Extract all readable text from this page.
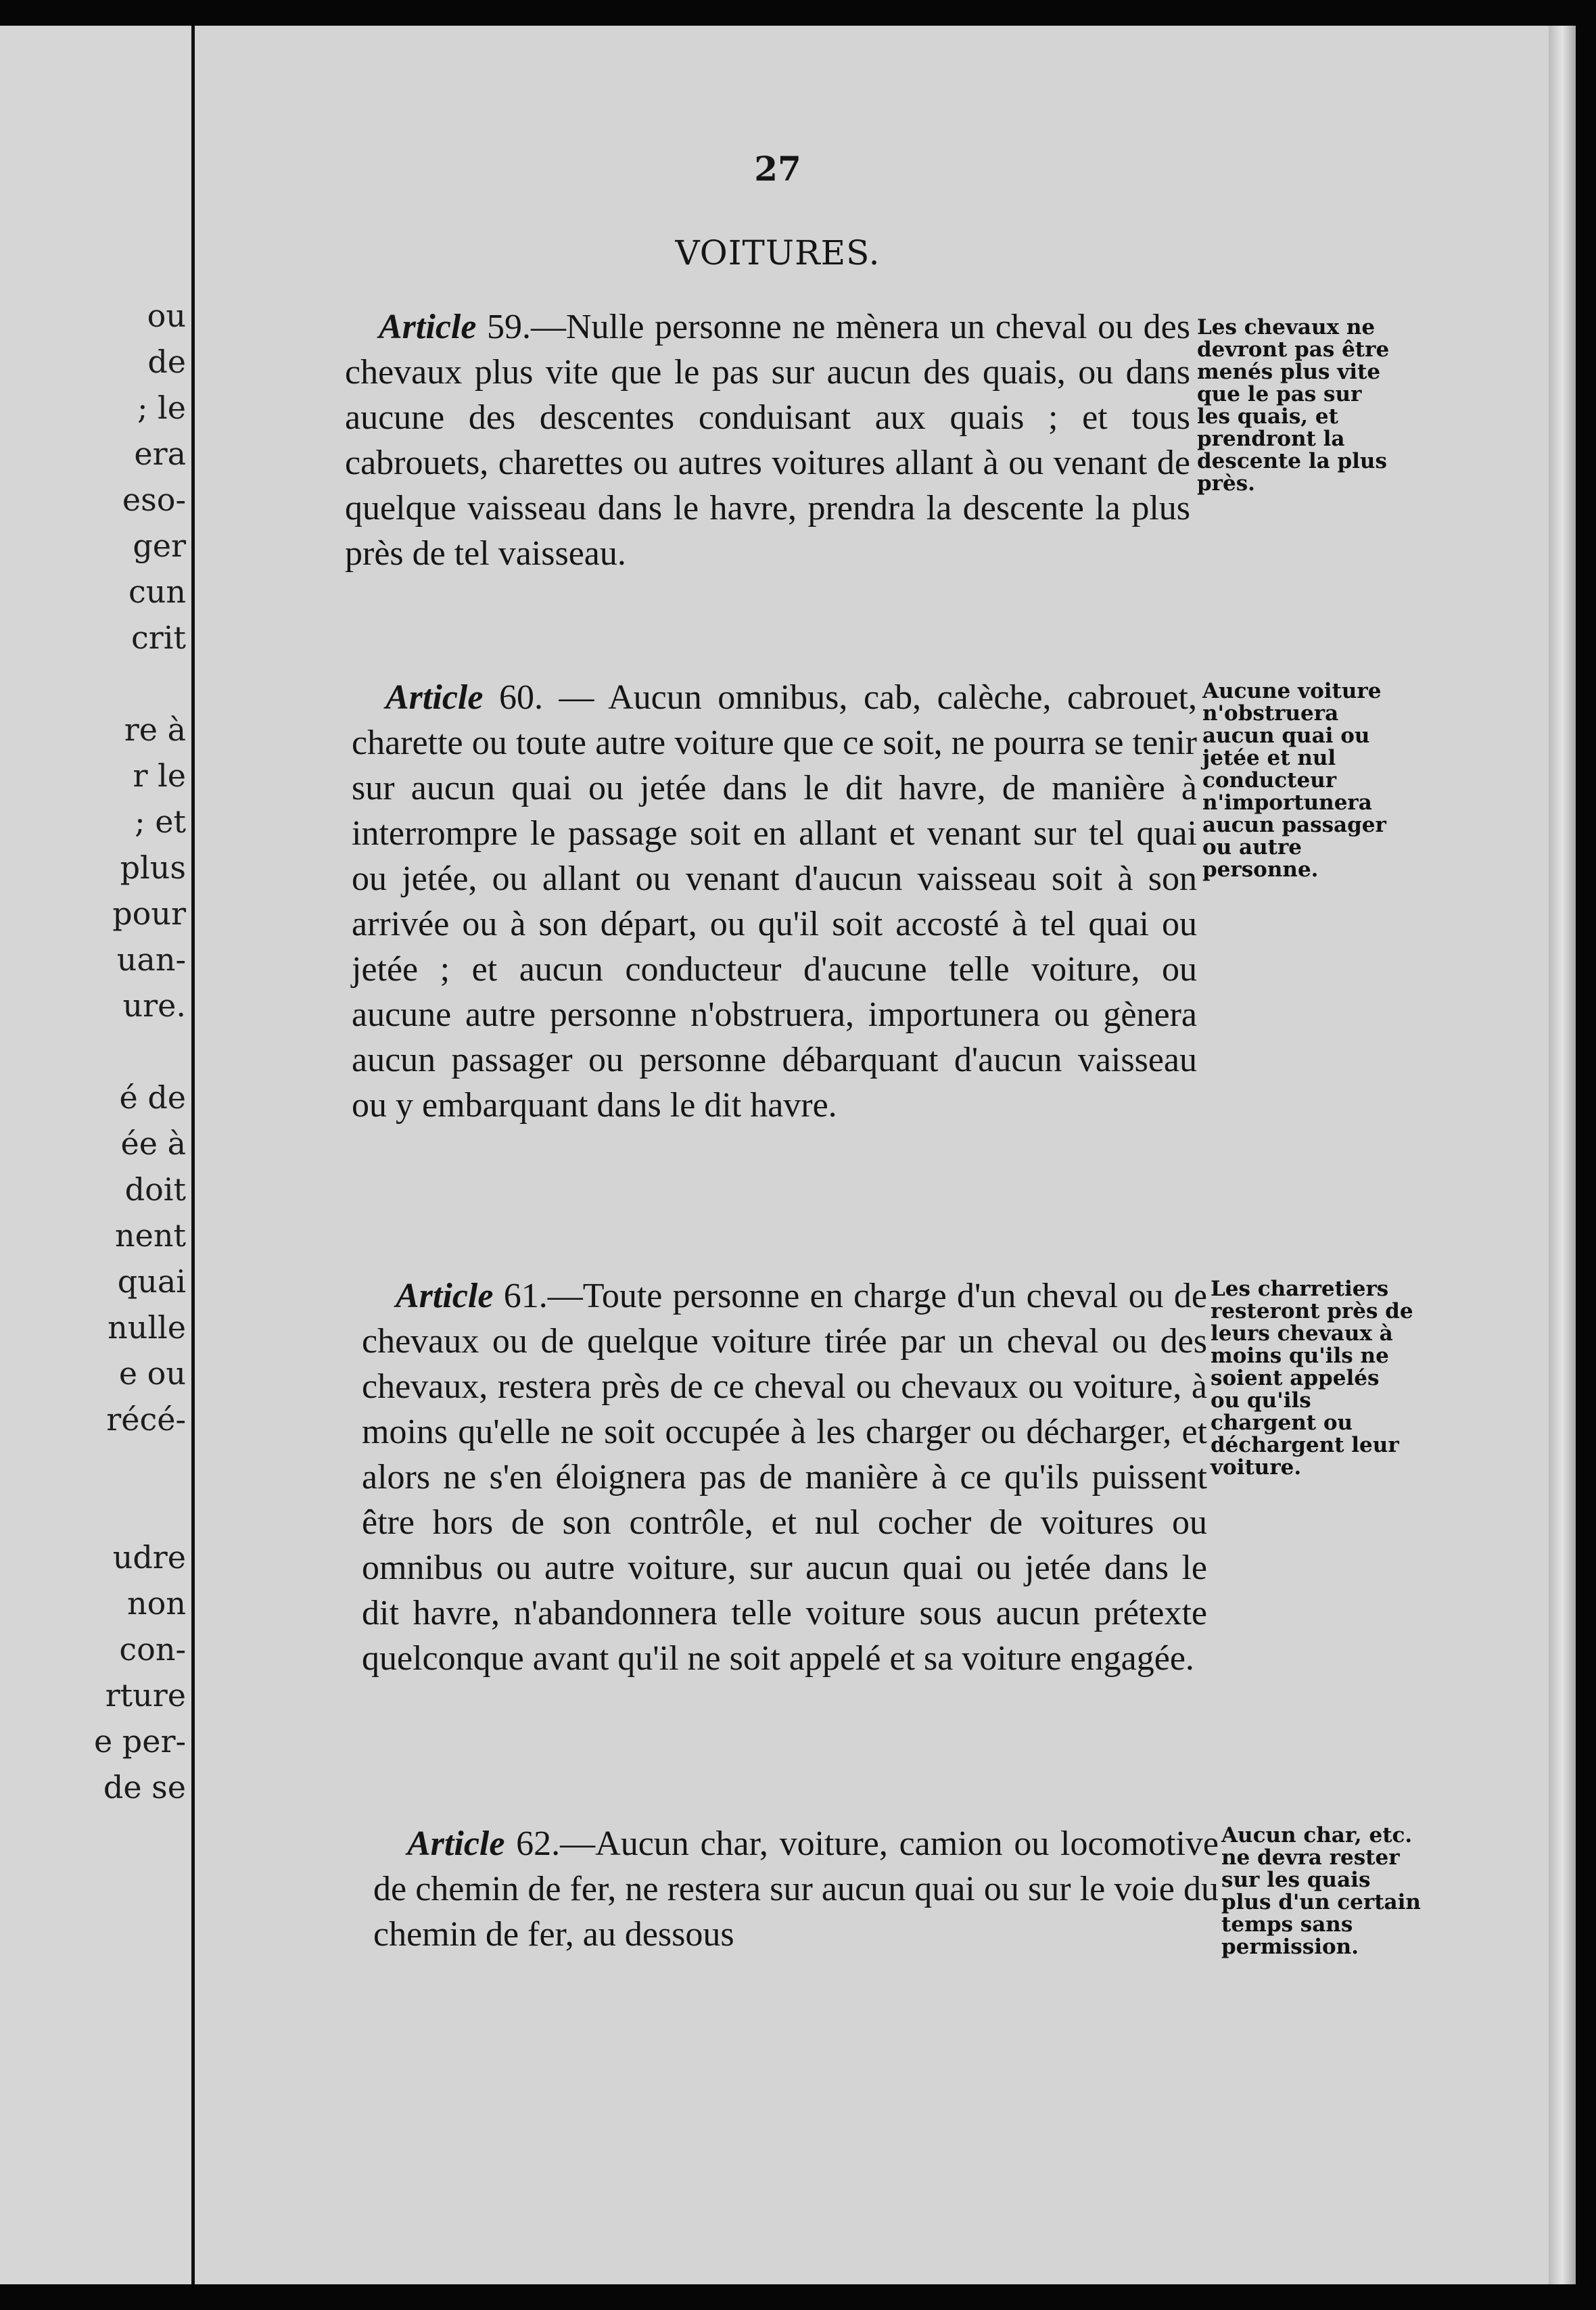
ou
de
; le
era
eso-
ger
cun
crit
re à
r le
; et
plus
pour
uan-
ure.
é de
ée à
doit
nent
quai
nulle
e ou
récé-
udre
non
con-
rture
e per-
de se
27
VOITURES.

Article 59.—Nulle personne ne mènera un cheval ou des chevaux plus vite que le pas sur aucun des quais, ou dans aucune des descentes conduisant aux quais ; et tous cabrouets, charettes ou autres voitures allant à ou venant de quelque vaisseau dans le havre, prendra la descente la plus près de tel vaisseau.

Les chevaux ne devront pas être menés plus vite que le pas sur les quais, et prendront la descente la plus près.

Article 60. — Aucun omnibus, cab, calèche, cabrouet, charette ou toute autre voiture que ce soit, ne pourra se tenir sur aucun quai ou jetée dans le dit havre, de manière à interrompre le passage soit en allant et venant sur tel quai ou jetée, ou allant ou venant d'aucun vaisseau soit à son arrivée ou à son départ, ou qu'il soit accosté à tel quai ou jetée ; et aucun conducteur d'aucune telle voiture, ou aucune autre personne n'obstruera, importunera ou gènera aucun passager ou personne débarquant d'aucun vaisseau ou y embarquant dans le dit havre.

Aucune voiture n'obstruera aucun quai ou jetée et nul conducteur n'importunera aucun passager ou autre personne.

Article 61.—Toute personne en charge d'un cheval ou de chevaux ou de quelque voiture tirée par un cheval ou des chevaux, restera près de ce cheval ou chevaux ou voiture, à moins qu'elle ne soit occupée à les charger ou décharger, et alors ne s'en éloignera pas de manière à ce qu'ils puissent être hors de son contrôle, et nul cocher de voitures ou omnibus ou autre voiture, sur aucun quai ou jetée dans le dit havre, n'abandonnera telle voiture sous aucun prétexte quelconque avant qu'il ne soit appelé et sa voiture engagée.

Les charretiers resteront près de leurs chevaux à moins qu'ils ne soient appelés ou qu'ils chargent ou déchargent leur voiture.

Article 62.—Aucun char, voiture, camion ou locomotive de chemin de fer, ne restera sur aucun quai ou sur le voie du chemin de fer, au dessous

Aucun char, etc. ne devra rester sur les quais plus d'un certain temps sans permission.
